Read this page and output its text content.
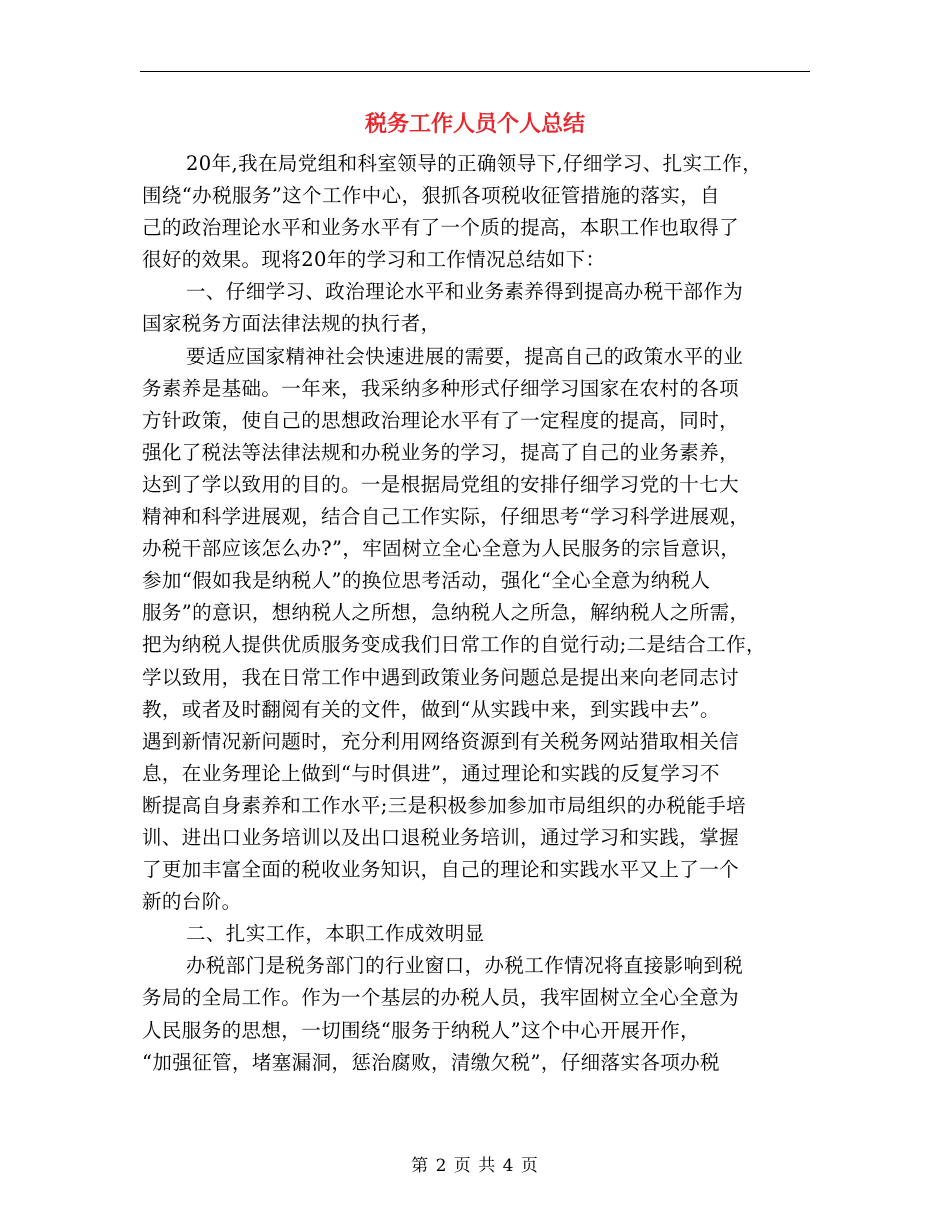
税务工作人员个人总结
20年,我在局党组和科室领导的正确领导下,仔细学习、扎实工作，
围绕“办税服务”这个工作中心，狠抓各项税收征管措施的落实，自
己的政治理论水平和业务水平有了一个质的提高，本职工作也取得了
很好的效果。现将20年的学习和工作情况总结如下：
一、仔细学习、政治理论水平和业务素养得到提高办税干部作为
国家税务方面法律法规的执行者，
要适应国家精神社会快速进展的需要，提高自己的政策水平的业
务素养是基础。一年来，我采纳多种形式仔细学习国家在农村的各项
方针政策，使自己的思想政治理论水平有了一定程度的提高，同时，
强化了税法等法律法规和办税业务的学习，提高了自己的业务素养，
达到了学以致用的目的。一是根据局党组的安排仔细学习党的十七大
精神和科学进展观，结合自己工作实际，仔细思考“学习科学进展观，
办税干部应该怎么办?”，牢固树立全心全意为人民服务的宗旨意识，
参加“假如我是纳税人”的换位思考活动，强化“全心全意为纳税人
服务”的意识，想纳税人之所想，急纳税人之所急，解纳税人之所需，
把为纳税人提供优质服务变成我们日常工作的自觉行动;二是结合工作，
学以致用，我在日常工作中遇到政策业务问题总是提出来向老同志讨
教，或者及时翻阅有关的文件，做到“从实践中来，到实践中去”。
遇到新情况新问题时，充分利用网络资源到有关税务网站猎取相关信
息，在业务理论上做到“与时俱进”，通过理论和实践的反复学习不
断提高自身素养和工作水平;三是积极参加参加市局组织的办税能手培
训、进出口业务培训以及出口退税业务培训，通过学习和实践，掌握
了更加丰富全面的税收业务知识，自己的理论和实践水平又上了一个
新的台阶。
二、扎实工作，本职工作成效明显
办税部门是税务部门的行业窗口，办税工作情况将直接影响到税
务局的全局工作。作为一个基层的办税人员，我牢固树立全心全意为
人民服务的思想，一切围绕“服务于纳税人”这个中心开展开作，
“加强征管，堵塞漏洞，惩治腐败，清缴欠税”，仔细落实各项办税
第 2 页 共 4 页
